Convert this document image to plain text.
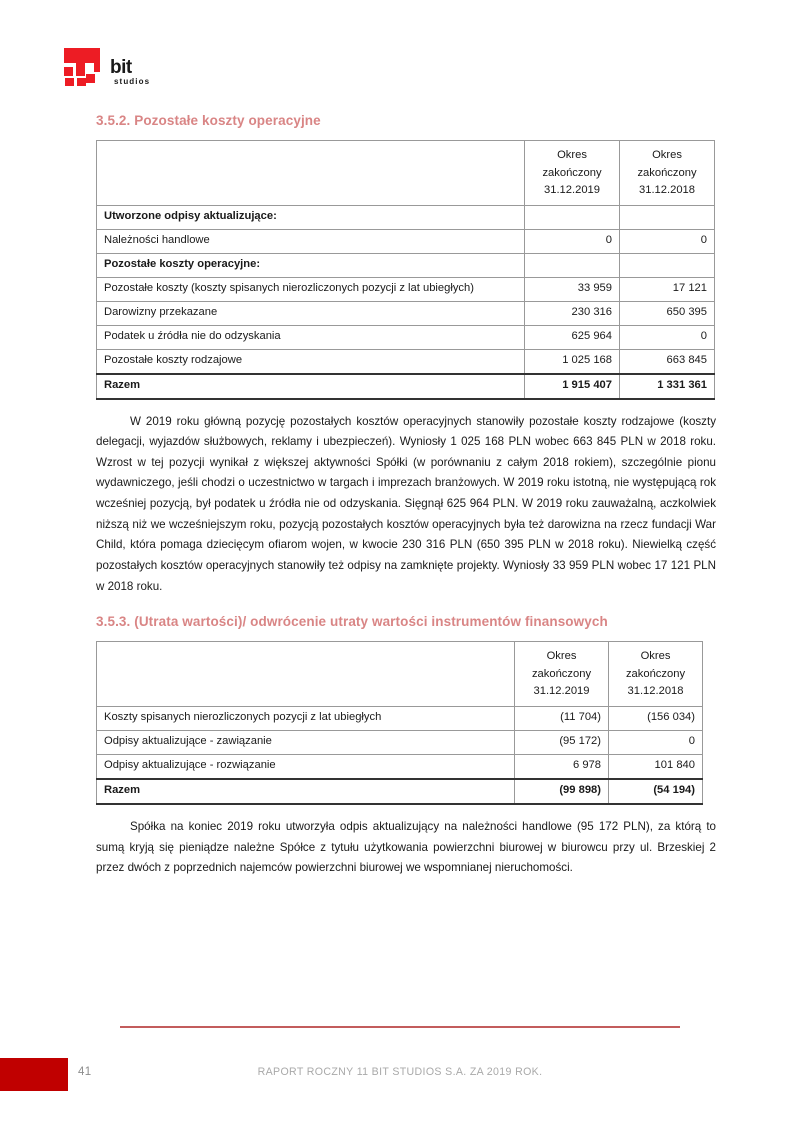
bit
studios
3.5.2. Pozostałe koszty operacyjne
	Okres
zakończony
31.12.2019	Okres
zakończony
31.12.2018
Utworzone odpisy aktualizujące:		
Należności handlowe	0	0
Pozostałe koszty operacyjne:		
Pozostałe koszty (koszty spisanych nierozliczonych pozycji z lat ubiegłych)	33 959	17 121
Darowizny przekazane	230 316	650 395
Podatek u źródła nie do odzyskania	625 964	0
Pozostałe koszty rodzajowe	1 025 168	663 845
Razem	1 915 407	1 331 361

W 2019 roku główną pozycję pozostałych kosztów operacyjnych stanowiły pozostałe koszty rodzajowe (koszty delegacji, wyjazdów służbowych, reklamy i ubezpieczeń). Wyniosły 1 025 168 PLN wobec 663 845 PLN w 2018 roku. Wzrost w tej pozycji wynikał z większej aktywności Spółki (w porównaniu z całym 2018 rokiem), szczególnie pionu wydawniczego, jeśli chodzi o uczestnictwo w targach i imprezach branżowych. W 2019 roku istotną, nie występującą rok wcześniej pozycją, był podatek u źródła nie od odzyskania. Sięgnął 625 964 PLN. W 2019 roku zauważalną, aczkolwiek niższą niż we wcześniejszym roku, pozycją pozostałych kosztów operacyjnych była też darowizna na rzecz fundacji War Child, która pomaga dziecięcym ofiarom wojen, w kwocie 230 316 PLN (650 395 PLN w 2018 roku). Niewielką część pozostałych kosztów operacyjnych stanowiły też odpisy na zamknięte projekty. Wyniosły 33 959 PLN wobec 17 121 PLN w 2018 roku.

3.5.3. (Utrata wartości)/ odwrócenie utraty wartości instrumentów finansowych
	Okres
zakończony
31.12.2019	Okres
zakończony
31.12.2018
Koszty spisanych nierozliczonych pozycji z lat ubiegłych	(11 704)	(156 034)
Odpisy aktualizujące - zawiązanie	(95 172)	0
Odpisy aktualizujące - rozwiązanie	6 978	101 840
Razem	(99 898)	(54 194)

Spółka na koniec 2019 roku utworzyła odpis aktualizujący na należności handlowe (95 172 PLN), za którą to sumą kryją się pieniądze należne Spółce z tytułu użytkowania powierzchni biurowej w biurowcu przy ul. Brzeskiej 2 przez dwóch z poprzednich najemców powierzchni biurowej we wspomnianej nieruchomości.

41	RAPORT ROCZNY 11 BIT STUDIOS S.A. ZA 2019 ROK.
